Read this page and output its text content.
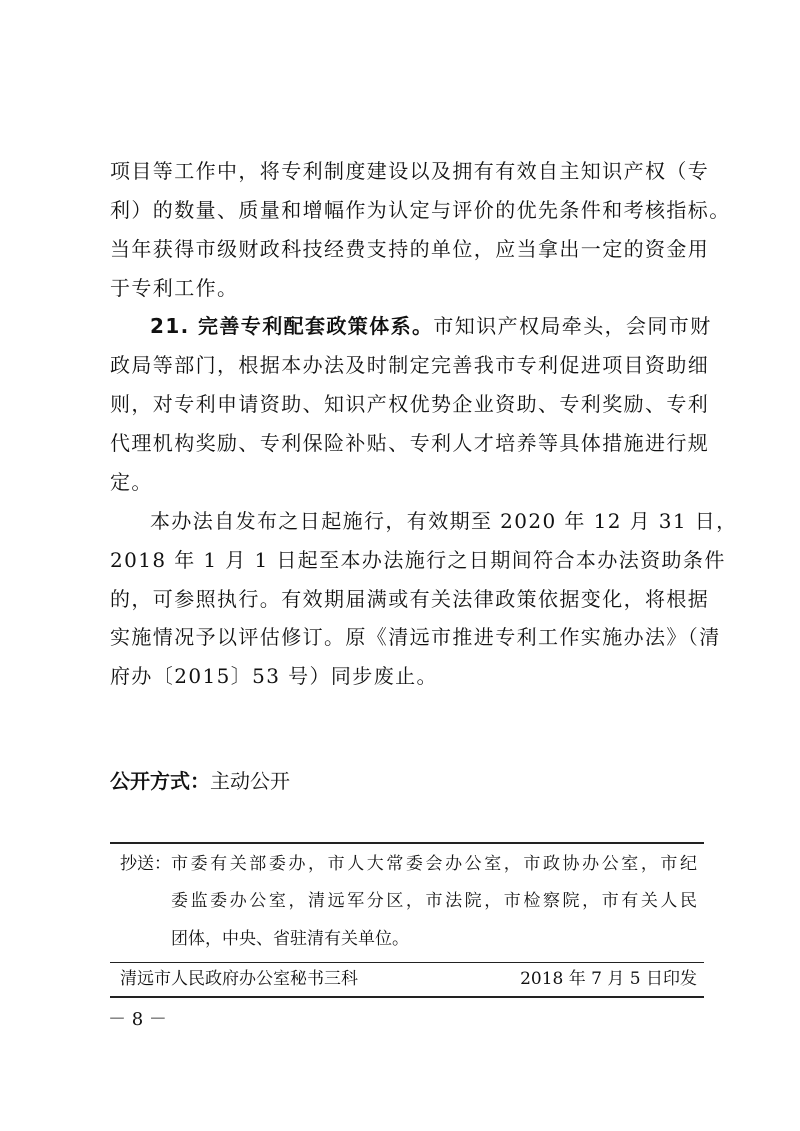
项目等工作中，将专利制度建设以及拥有有效自主知识产权（专
利）的数量、质量和增幅作为认定与评价的优先条件和考核指标。
当年获得市级财政科技经费支持的单位，应当拿出一定的资金用
于专利工作。
21. 完善专利配套政策体系。市知识产权局牵头，会同市财
政局等部门，根据本办法及时制定完善我市专利促进项目资助细
则，对专利申请资助、知识产权优势企业资助、专利奖励、专利
代理机构奖励、专利保险补贴、专利人才培养等具体措施进行规
定。
本办法自发布之日起施行，有效期至 2020 年 12 月 31 日，
2018 年 1 月 1 日起至本办法施行之日期间符合本办法资助条件
的，可参照执行。有效期届满或有关法律政策依据变化，将根据
实施情况予以评估修订。原《清远市推进专利工作实施办法》（清
府办〔2015〕53 号）同步废止。
公开方式：主动公开
抄送： 市委有关部委办，市人大常委会办公室，市政协办公室，市纪
委监委办公室，清远军分区，市法院，市检察院，市有关人民
团体，中央、省驻清有关单位。
清远市人民政府办公室秘书三科	2018 年 7 月 5 日印发
－ 8 －
